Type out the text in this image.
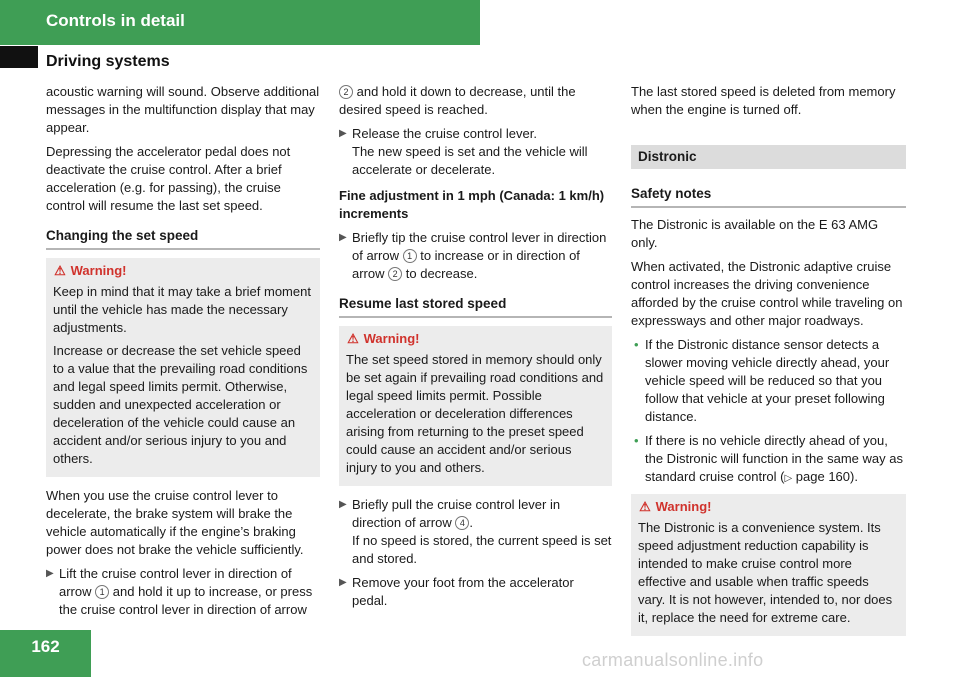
Controls in detail
Driving systems

acoustic warning will sound. Observe additional messages in the multifunction display that may appear.

Depressing the accelerator pedal does not deactivate the cruise control. After a brief acceleration (e.g. for passing), the cruise control will resume the last set speed.

Changing the set speed
⚠ Warning!

Keep in mind that it may take a brief moment until the vehicle has made the necessary adjustments.

Increase or decrease the set vehicle speed to a value that the prevailing road conditions and legal speed limits permit. Otherwise, sudden and unexpected acceleration or deceleration of the vehicle could cause an accident and/or serious injury to you and others.

When you use the cruise control lever to decelerate, the brake system will brake the vehicle automatically if the engine’s braking power does not brake the vehicle sufficiently.

▶ Lift the cruise control lever in direction of arrow 1 and hold it up to increase, or press the cruise control lever in direction of arrow

2 and hold it down to decrease, until the desired speed is reached.

▶ Release the cruise control lever.
The new speed is set and the vehicle will accelerate or decelerate.
Fine adjustment in 1 mph (Canada: 1 km/h) increments
▶ Briefly tip the cruise control lever in direction of arrow 1 to increase or in direction of arrow 2 to decrease.
Resume last stored speed
⚠ Warning!

The set speed stored in memory should only be set again if prevailing road conditions and legal speed limits permit. Possible acceleration or deceleration differences arising from returning to the preset speed could cause an accident and/or serious injury to you and others.

▶ Briefly pull the cruise control lever in direction of arrow 4 .
If no speed is stored, the current speed is set and stored.
▶ Remove your foot from the accelerator pedal.

The last stored speed is deleted from memory when the engine is turned off.

Distronic
Safety notes

The Distronic is available on the E 63 AMG only.

When activated, the Distronic adaptive cruise control increases the driving convenience afforded by the cruise control while traveling on expressways and other major roadways.

• If the Distronic distance sensor detects a slower moving vehicle directly ahead, your vehicle speed will be reduced so that you follow that vehicle at your preset following distance.
• If there is no vehicle directly ahead of you, the Distronic will function in the same way as standard cruise control (▷ page 160).
⚠ Warning!

The Distronic is a convenience system. Its speed adjustment reduction capability is intended to make cruise control more effective and usable when traffic speeds vary. It is not however, intended to, nor does it, replace the need for extreme care.

162
carmanualsonline.info
